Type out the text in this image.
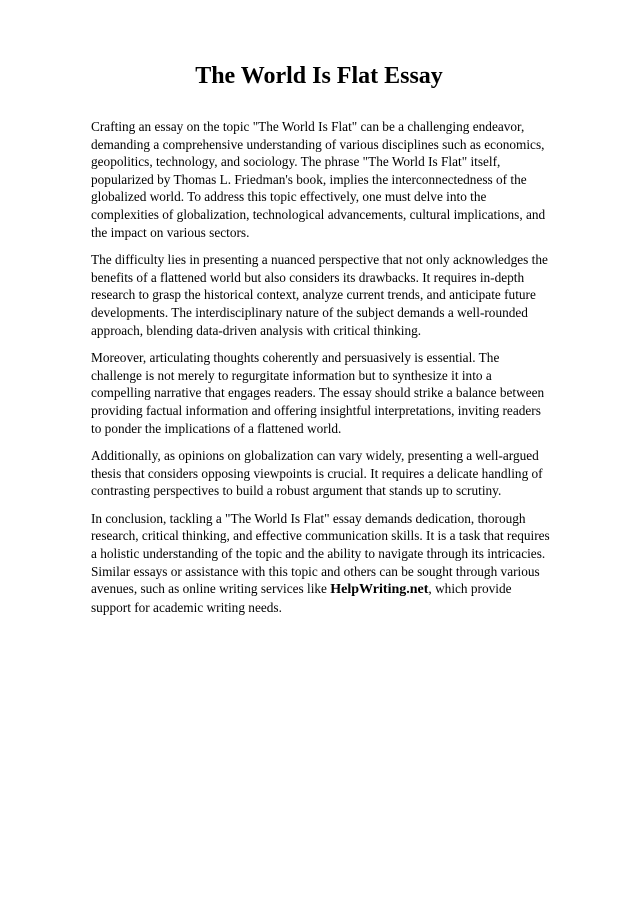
The World Is Flat Essay

Crafting an essay on the topic "The World Is Flat" can be a challenging endeavor, demanding a comprehensive understanding of various disciplines such as economics, geopolitics, technology, and sociology. The phrase "The World Is Flat" itself, popularized by Thomas L. Friedman's book, implies the interconnectedness of the globalized world. To address this topic effectively, one must delve into the complexities of globalization, technological advancements, cultural implications, and the impact on various sectors.

The difficulty lies in presenting a nuanced perspective that not only acknowledges the benefits of a flattened world but also considers its drawbacks. It requires in-depth research to grasp the historical context, analyze current trends, and anticipate future developments. The interdisciplinary nature of the subject demands a well-rounded approach, blending data-driven analysis with critical thinking.

Moreover, articulating thoughts coherently and persuasively is essential. The challenge is not merely to regurgitate information but to synthesize it into a compelling narrative that engages readers. The essay should strike a balance between providing factual information and offering insightful interpretations, inviting readers to ponder the implications of a flattened world.

Additionally, as opinions on globalization can vary widely, presenting a well-argued thesis that considers opposing viewpoints is crucial. It requires a delicate handling of contrasting perspectives to build a robust argument that stands up to scrutiny.

In conclusion, tackling a "The World Is Flat" essay demands dedication, thorough research, critical thinking, and effective communication skills. It is a task that requires a holistic understanding of the topic and the ability to navigate through its intricacies. Similar essays or assistance with this topic and others can be sought through various avenues, such as online writing services like HelpWriting.net, which provide support for academic writing needs.
